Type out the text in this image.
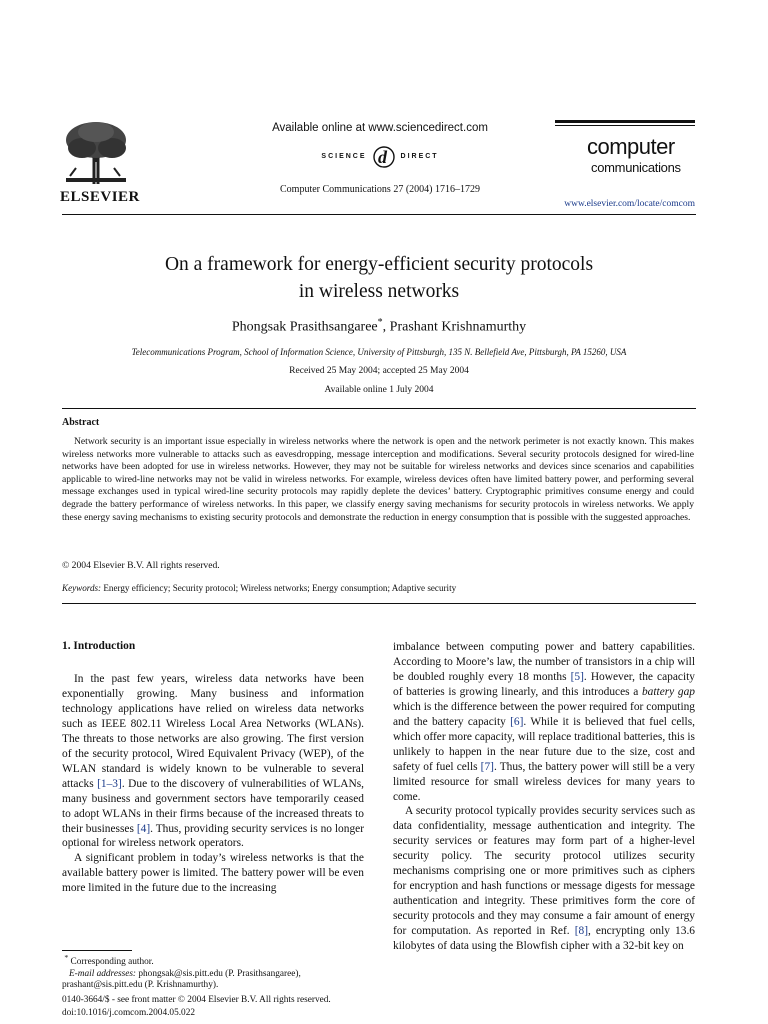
ELSEVIER
Available online at www.sciencedirect.com
SCIENCE d DIRECT
Computer Communications 27 (2004) 1716–1729
computer
communications
www.elsevier.com/locate/comcom
On a framework for energy-efficient security protocols
in wireless networks
Phongsak Prasithsangaree*, Prashant Krishnamurthy
Telecommunications Program, School of Information Science, University of Pittsburgh, 135 N. Bellefield Ave, Pittsburgh, PA 15260, USA
Received 25 May 2004; accepted 25 May 2004
Available online 1 July 2004
Abstract
Network security is an important issue especially in wireless networks where the network is open and the network perimeter is not exactly known. This makes wireless networks more vulnerable to attacks such as eavesdropping, message interception and modifications. Several security protocols designed for wired-line networks have been adopted for use in wireless networks. However, they may not be suitable for wireless networks and devices since scenarios and capabilities applicable to wired-line networks may not be valid in wireless networks. For example, wireless devices often have limited battery power, and performing several message exchanges used in typical wired-line security protocols may rapidly deplete the devices’ battery. Cryptographic primitives consume energy and could degrade the battery performance of wireless networks. In this paper, we classify energy saving mechanisms for security protocols in wireless networks. We apply these energy saving mechanisms to existing security protocols and demonstrate the reduction in energy consumption that is possible with the suggested approaches.
© 2004 Elsevier B.V. All rights reserved.
Keywords: Energy efficiency; Security protocol; Wireless networks; Energy consumption; Adaptive security
1. Introduction

In the past few years, wireless data networks have been exponentially growing. Many business and information technology applications have relied on wireless data networks such as IEEE 802.11 Wireless Local Area Networks (WLANs). The threats to those networks are also growing. The first version of the security protocol, Wired Equivalent Privacy (WEP), of the WLAN standard is widely known to be vulnerable to several attacks [1–3]. Due to the discovery of vulnerabilities of WLANs, many business and government sectors have temporarily ceased to adopt WLANs in their firms because of the increased threats to their businesses [4]. Thus, providing security services is no longer optional for wireless network operators.

A significant problem in today’s wireless networks is that the available battery power is limited. The battery power will be even more limited in the future due to the increasing

imbalance between computing power and battery capabilities. According to Moore’s law, the number of transistors in a chip will be doubled roughly every 18 months [5]. However, the capacity of batteries is growing linearly, and this introduces a battery gap which is the difference between the power required for computing and the battery capacity [6]. While it is believed that fuel cells, which offer more capacity, will replace traditional batteries, this is unlikely to happen in the near future due to the size, cost and safety of fuel cells [7]. Thus, the battery power will still be a very limited resource for small wireless devices for many years to come.

A security protocol typically provides security services such as data confidentiality, message authentication and integrity. The security services or features may form part of a higher-level security policy. The security protocol utilizes security mechanisms comprising one or more primitives such as ciphers for encryption and hash functions or message digests for message authentication and integrity. These primitives form the core of security protocols and they may consume a fair amount of energy for computation. As reported in Ref. [8], encrypting only 13.6 kilobytes of data using the Blowfish cipher with a 32-bit key on

* Corresponding author.
E-mail addresses: phongsak@sis.pitt.edu (P. Prasithsangaree), prashant@sis.pitt.edu (P. Krishnamurthy).
0140-3664/$ - see front matter © 2004 Elsevier B.V. All rights reserved.
doi:10.1016/j.comcom.2004.05.022
